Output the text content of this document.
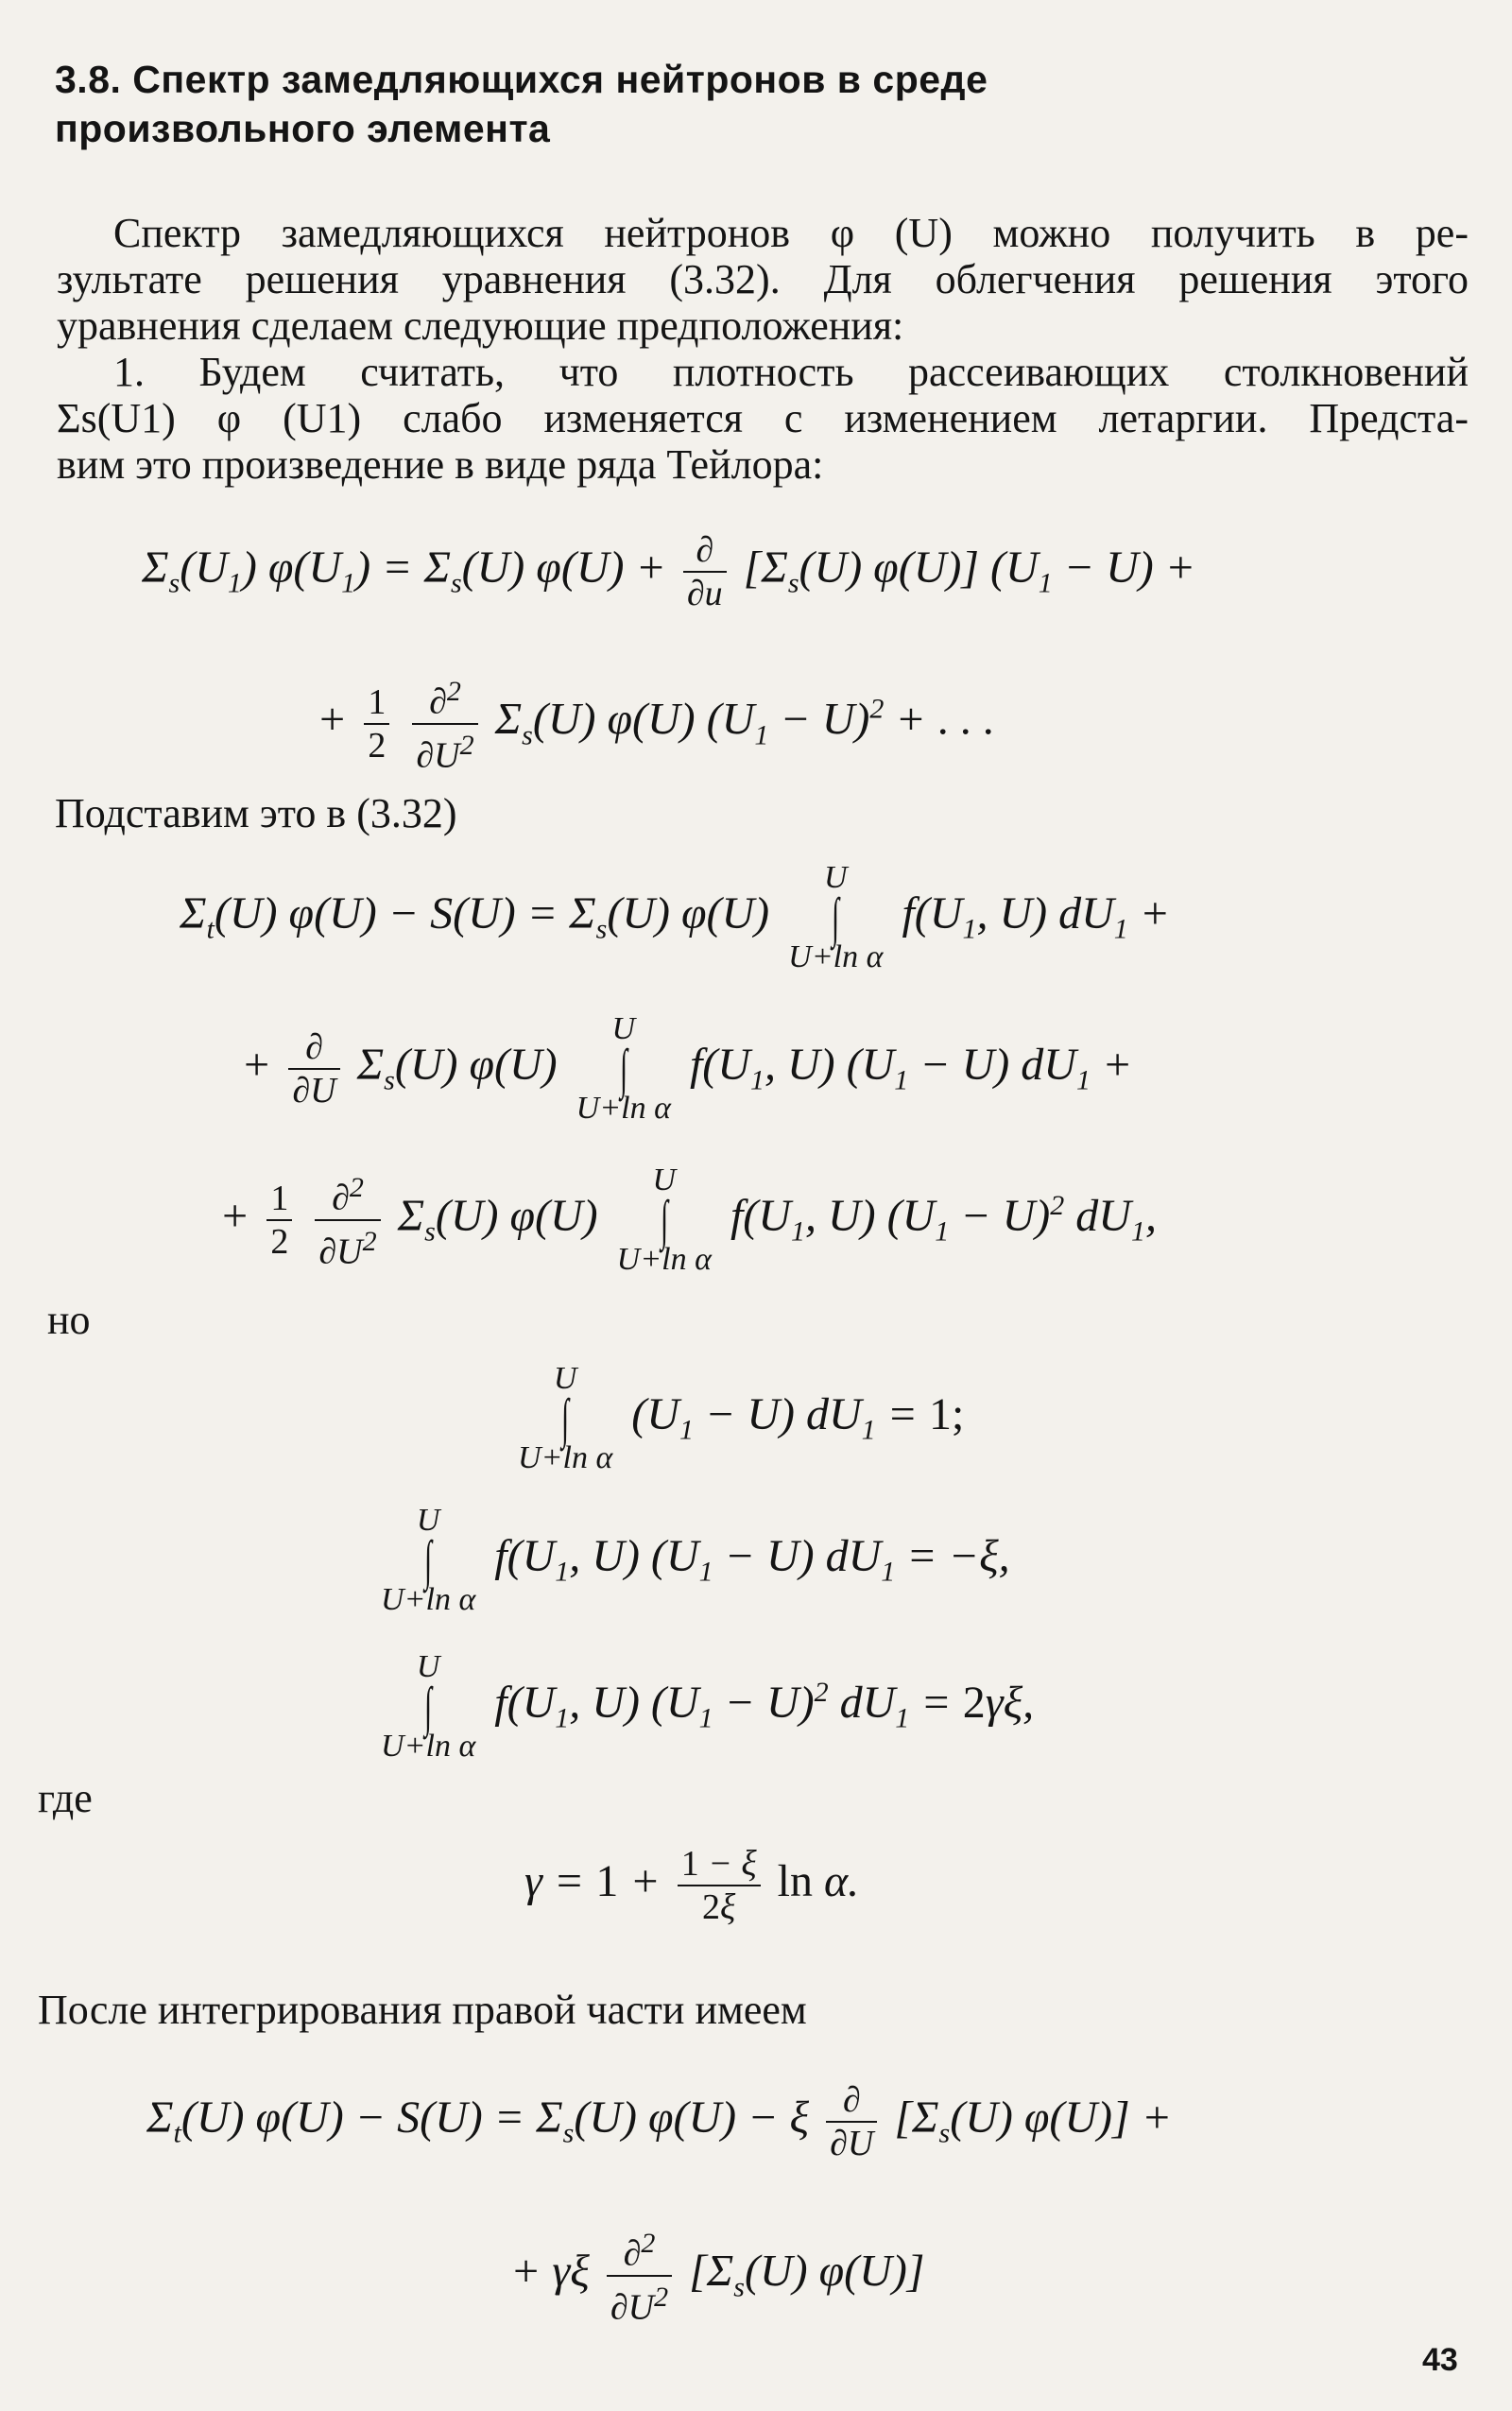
3.8. Спектр замедляющихся нейтронов в среде
произвольного элемента
Спектр замедляющихся нейтронов φ (U) можно получить в ре-
зультате решения уравнения (3.32). Для облегчения решения этого
уравнения сделаем следующие предположения:
1. Будем считать, что плотность рассеивающих столкновений
Σs(U1) φ (U1) слабо изменяется с изменением летаргии. Предста-
вим это произведение в виде ряда Тейлора:
$\Sigma_s(U_1) \varphi(U_1) = \Sigma_s(U) \varphi(U) + \frac{\partial}{\partial u} [\Sigma_s(U)$ φ(U)] $(U_1 - U)$ +
+ $\frac{1}{2}$
$\frac{\partial^2}{\partial U^2} \Sigma_s(U)$ φ(U) $(U_1 - U)^2$ + . . .
Подставим это в (3.32)
$\Sigma_t(U) \varphi(U) - S(U) = \Sigma_s(U)$ φ(U) U
∫
U+ln α $f(U_1$, U) $dU_1$ +
+ $\frac{\partial}{\partial U} \Sigma_s(U)$ φ(U) U
∫
U+ln α $f(U_1$, U) $(U_1 - U) dU_1$ +
+ $\frac{1}{2}$
$\frac{\partial^2}{\partial U^2} \Sigma_s(U)$ φ(U) U
∫
U+ln α $f(U_1$, U) $(U_1 - U)^2$ $dU_1$,
но
U
∫
U+ln α $(U_1 - U) dU_1 = 1$;
U
∫
U+ln α $f(U_1$, U) $(U_1 - U) dU_1 = -\xi$,
U
∫
U+ln α $f(U_1$, U) $(U_1 - U)^2$ $dU_1 = 2\gamma\xi$,
где
$\gamma = 1 + \frac{1 - \xi}{2\xi}$ ln α.
После интегрирования правой части имеем
$\Sigma_t(U) \varphi(U) - S(U) = \Sigma_s(U) \varphi(U) - \xi \frac{\partial}{\partial U} [\Sigma_s(U) \varphi(U)]$ +
+ γξ $\frac{\partial^2}{\partial U^2} [\Sigma_s(U)$ φ(U)]
43
